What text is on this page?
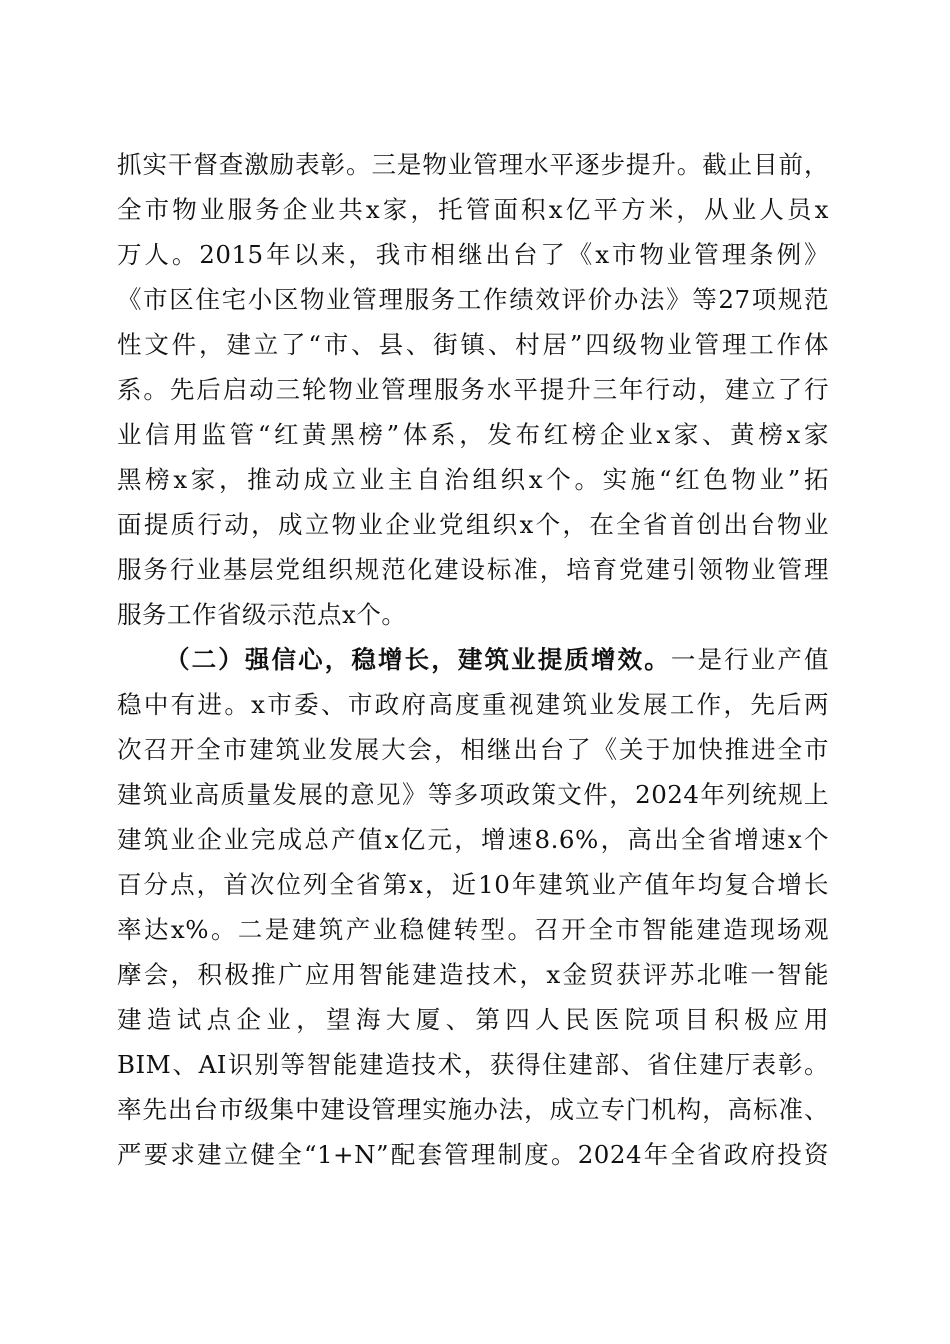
抓实干督查激励表彰。三是物业管理水平逐步提升。截止目前，
全市物业服务企业共x家，托管面积x亿平方米，从业人员x
万人。2015年以来，我市相继出台了《x市物业管理条例》
《市区住宅小区物业管理服务工作绩效评价办法》等27项规范
性文件，建立了“市、县、街镇、村居”四级物业管理工作体
系。先后启动三轮物业管理服务水平提升三年行动，建立了行
业信用监管“红黄黑榜”体系，发布红榜企业x家、黄榜x家
黑榜x家，推动成立业主自治组织x个。实施“红色物业”拓
面提质行动，成立物业企业党组织x个，在全省首创出台物业
服务行业基层党组织规范化建设标准，培育党建引领物业管理
服务工作省级示范点x个。
（二）强信心，稳增长，建筑业提质增效。一是行业产值
稳中有进。x市委、市政府高度重视建筑业发展工作，先后两
次召开全市建筑业发展大会，相继出台了《关于加快推进全市
建筑业高质量发展的意见》等多项政策文件，2024年列统规上
建筑业企业完成总产值x亿元，增速8.6%，高出全省增速x个
百分点，首次位列全省第x，近10年建筑业产值年均复合增长
率达x%。二是建筑产业稳健转型。召开全市智能建造现场观
摩会，积极推广应用智能建造技术，x金贸获评苏北唯一智能
建造试点企业，望海大厦、第四人民医院项目积极应用
BIM、AI识别等智能建造技术，获得住建部、省住建厅表彰。
率先出台市级集中建设管理实施办法，成立专门机构，高标准、
严要求建立健全“1+N”配套管理制度。2024年全省政府投资
